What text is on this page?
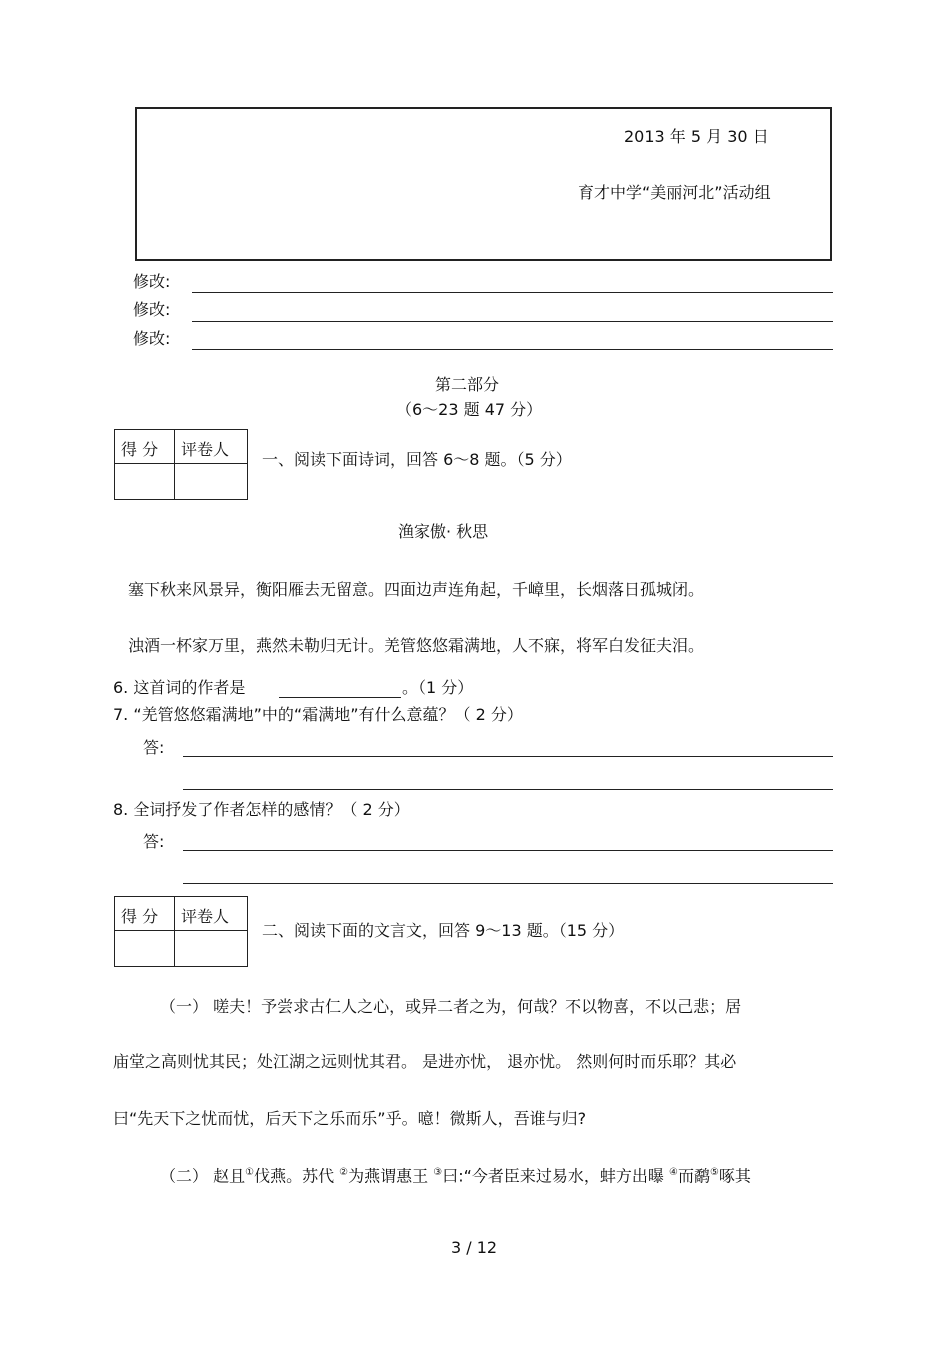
2013 年 5 月 30 日
育才中学“美丽河北”活动组
修改:
修改:
修改:
第二部分
（6～23 题 47 分）
得 分	评卷人

一、阅读下面诗词，回答 6～8 题。（5 分）
渔家傲· 秋思
塞下秋来风景异，衡阳雁去无留意。四面边声连角起，千嶂里，长烟落日孤城闭。
浊酒一杯家万里，燕然未勒归无计。羌管悠悠霜满地，人不寐，将军白发征夫泪。
6. 这首词的作者是	。（1 分）
7. “羌管悠悠霜满地”中的“霜满地”有什么意蕴？（ 2 分）
答:
8. 全词抒发了作者怎样的感情？（ 2 分）
答:
得 分	评卷人

二、阅读下面的文言文，回答 9～13 题。（15 分）
（一） 嗟夫！予尝求古仁人之心，或异二者之为，何哉？不以物喜，不以己悲；居
庙堂之高则忧其民；处江湖之远则忧其君。 是进亦忧， 退亦忧。 然则何时而乐耶？其必
曰“先天下之忧而忧，后天下之乐而乐”乎。噫！微斯人，吾谁与归?
（二） 赵且①伐燕。苏代 ②为燕谓惠王 ③曰:“今者臣来过易水，蚌方出曝 ④而鹬⑤啄其
3 / 12
